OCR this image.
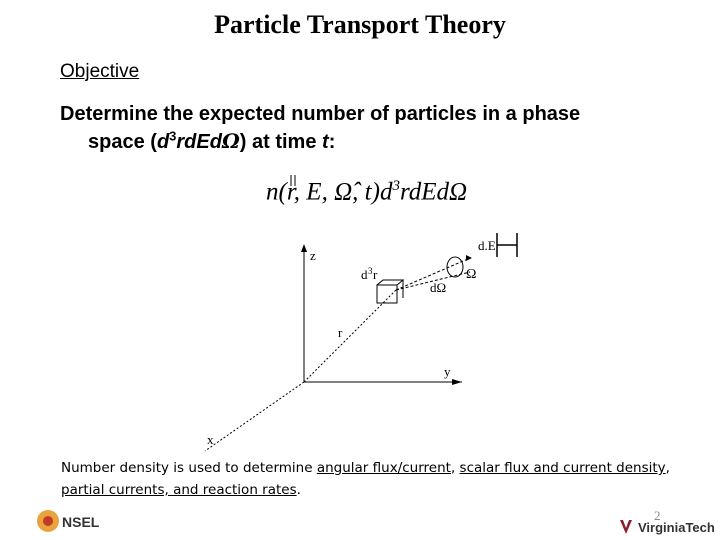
Particle Transport Theory
Objective
Determine the expected number of particles in a phase
space $(d^3rdEd\Omega)$ at time t:
n(r, E, Ω̂, $t)d^3rdEd\Omega$
z
y
x
r
d 3 r
dΩ
Ω
d.E
Number density is used to determine angular flux/current, scalar flux and current density, partial currents, and reaction rates.
2
NSEL	VirginiaTech
